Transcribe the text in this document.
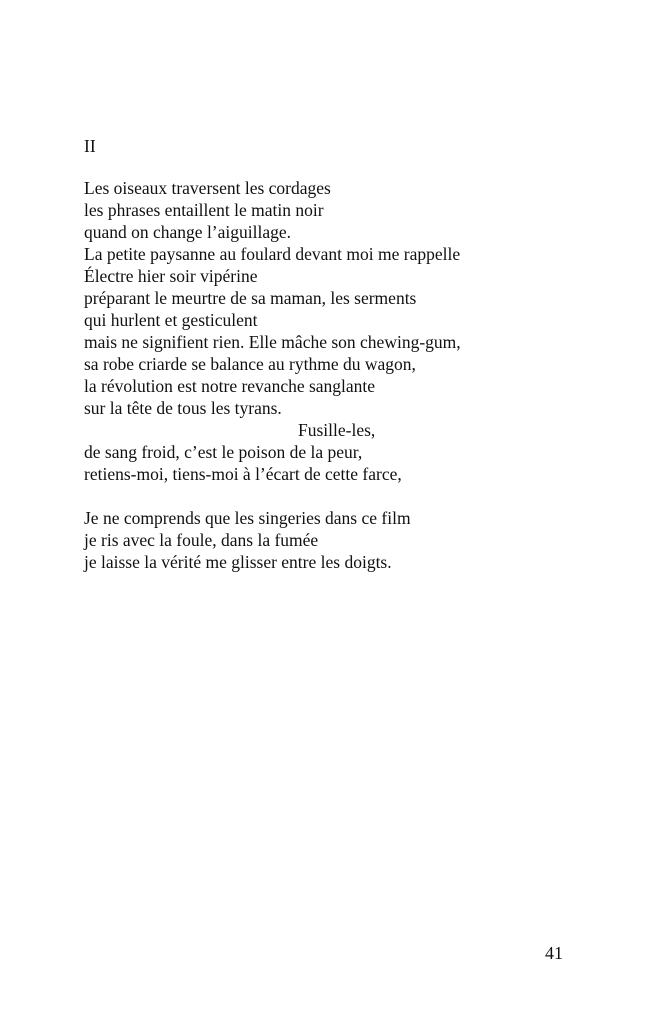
II

Les oiseaux traversent les cordages
les phrases entaillent le matin noir
quand on change l’aiguillage.
La petite paysanne au foulard devant moi me rappelle
Électre hier soir vipérine
préparant le meurtre de sa maman, les serments
qui hurlent et gesticulent
mais ne signifient rien. Elle mâche son chewing-gum,
sa robe criarde se balance au rythme du wagon,
la révolution est notre revanche sanglante
sur la tête de tous les tyrans.
Fusille-les,
de sang froid, c’est le poison de la peur,
retiens-moi, tiens-moi à l’écart de cette farce,
Je ne comprends que les singeries dans ce film
je ris avec la foule, dans la fumée
je laisse la vérité me glisser entre les doigts.
41
